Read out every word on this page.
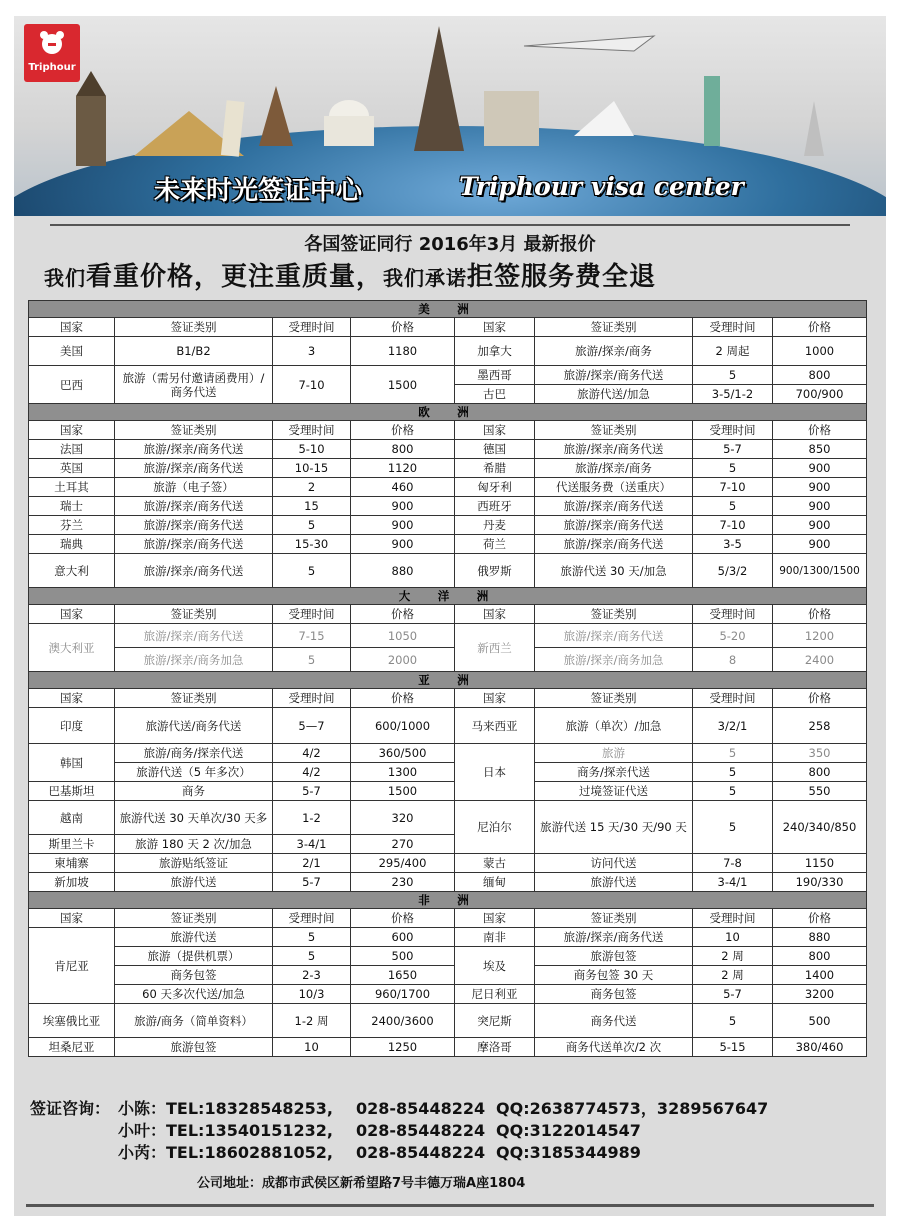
Triphour
未来时光签证中心	Triphour visa center
各国签证同行 2016年3月 最新报价
我们看重价格，更注重质量，我们承诺拒签服务费全退
美　洲							
国家	签证类别	受理时间	价格	国家	签证类别	受理时间	价格
美国	B1/B2	3	1180	加拿大	旅游/探亲/商务	2 周起	1000
巴西	旅游（需另付邀请函费用）/商务代送	7-10	1500	墨西哥	旅游/探亲/商务代送	5	800
				古巴	旅游代送/加急	3-5/1-2	700/900
欧　洲							
国家	签证类别	受理时间	价格	国家	签证类别	受理时间	价格
法国	旅游/探亲/商务代送	5-10	800	德国	旅游/探亲/商务代送	5-7	850
英国	旅游/探亲/商务代送	10-15	1120	希腊	旅游/探亲/商务	5	900
土耳其	旅游（电子签）	2	460	匈牙利	代送服务费（送重庆）	7-10	900
瑞士	旅游/探亲/商务代送	15	900	西班牙	旅游/探亲/商务代送	5	900
芬兰	旅游/探亲/商务代送	5	900	丹麦	旅游/探亲/商务代送	7-10	900
瑞典	旅游/探亲/商务代送	15-30	900	荷兰	旅游/探亲/商务代送	3-5	900
意大利	旅游/探亲/商务代送	5	880	俄罗斯	旅游代送 30 天/加急	5/3/2	900/1300/1500
大　洋　洲							
国家	签证类别	受理时间	价格	国家	签证类别	受理时间	价格
澳大利亚	旅游/探亲/商务代送	7-15	1050	新西兰	旅游/探亲/商务代送	5-20	1200
	旅游/探亲/商务加急	5	2000		旅游/探亲/商务加急	8	2400
亚　洲							
国家	签证类别	受理时间	价格	国家	签证类别	受理时间	价格
印度	旅游代送/商务代送	5—7	600/1000	马来西亚	旅游（单次）/加急	3/2/1	258
韩国	旅游/商务/探亲代送	4/2	360/500	日本	旅游	5	350
	旅游代送（5 年多次）	4/2	1300		商务/探亲代送	5	800
巴基斯坦	商务	5-7	1500		过境签证代送	5	550
越南	旅游代送 30 天单次/30 天多	1-2	320	尼泊尔	旅游代送 15 天/30 天/90 天	5	240/340/850
斯里兰卡	旅游 180 天 2 次/加急	3-4/1	270				
柬埔寨	旅游贴纸签证	2/1	295/400	蒙古	访问代送	7-8	1150
新加坡	旅游代送	5-7	230	缅甸	旅游代送	3-4/1	190/330
非　洲							
国家	签证类别	受理时间	价格	国家	签证类别	受理时间	价格
肯尼亚	旅游代送	5	600	南非	旅游/探亲/商务代送	10	880
	旅游（提供机票）	5	500	埃及	旅游包签	2 周	800
	商务包签	2-3	1650		商务包签 30 天	2 周	1400
	60 天多次代送/加急	10/3	960/1700	尼日利亚	商务包签	5-7	3200
埃塞俄比亚	旅游/商务（简单资料）	1-2 周	2400/3600	突尼斯	商务代送	5	500
坦桑尼亚	旅游包签	10	1250	摩洛哥	商务代送单次/2 次	5-15	380/460
签证咨询： 小陈：TEL:18328548253, 028-85448224 QQ:2638774573，3289567647
小叶：TEL:13540151232, 028-85448224 QQ:3122014547
小芮：TEL:18602881052, 028-85448224 QQ:3185344989
公司地址：成都市武侯区新希望路7号丰德万瑞A座1804
